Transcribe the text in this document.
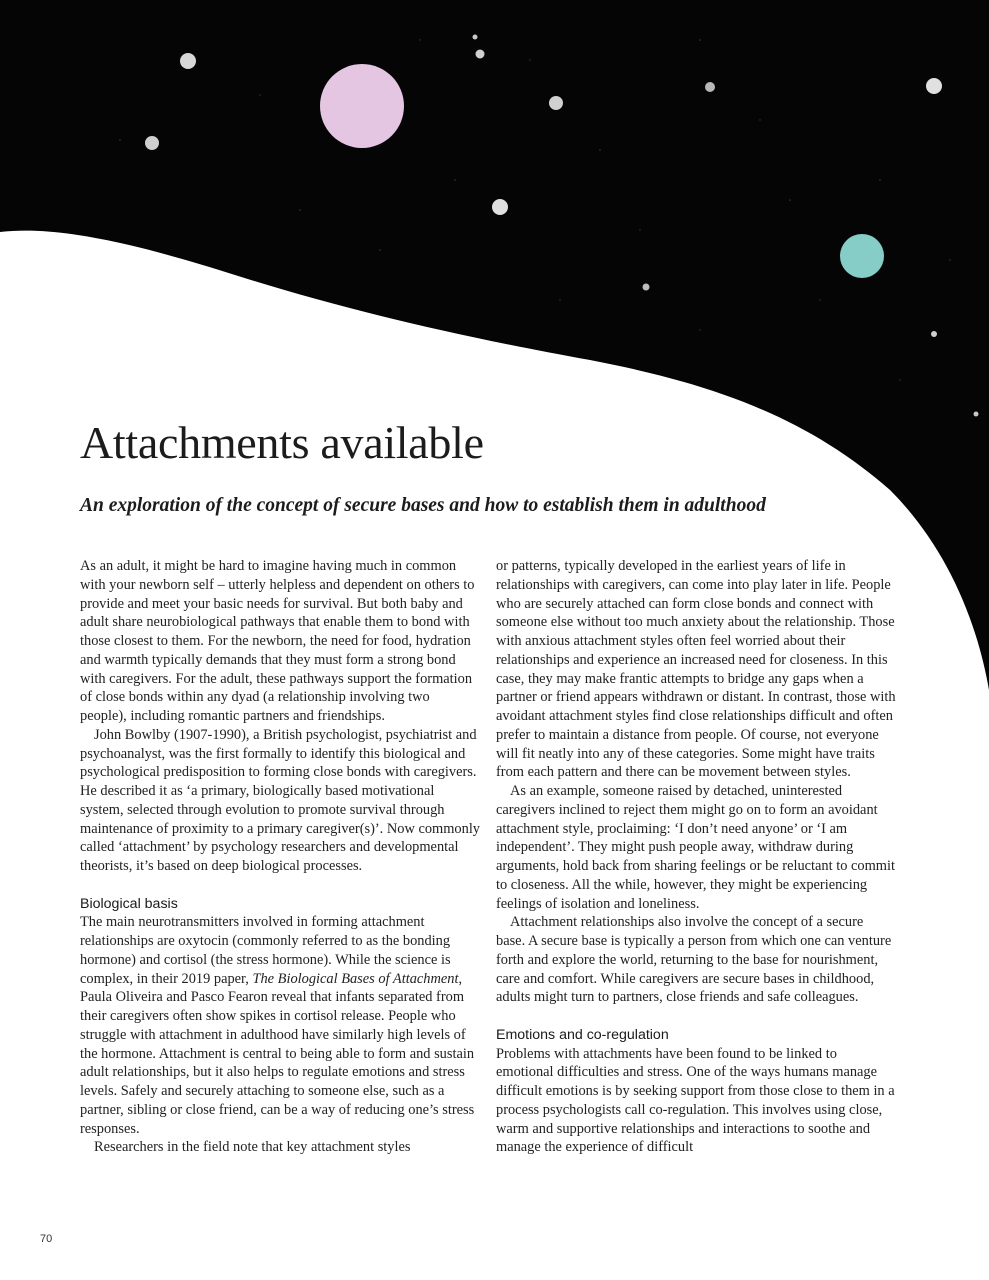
Attachments available
An exploration of the concept of secure bases and how to establish them in adulthood

As an adult, it might be hard to imagine having much in common with your newborn self – utterly helpless and dependent on others to provide and meet your basic needs for survival. But both baby and adult share neurobiological pathways that enable them to bond with those closest to them. For the newborn, the need for food, hydration and warmth typically demands that they must form a strong bond with caregivers. For the adult, these pathways support the formation of close bonds within any dyad (a relationship involving two people), including romantic partners and friendships.

John Bowlby (1907-1990), a British psychologist, psychiatrist and psychoanalyst, was the first formally to identify this biological and psychological predisposition to forming close bonds with caregivers. He described it as ‘a primary, biologically based motivational system, selected through evolution to promote survival through maintenance of proximity to a primary caregiver(s)’. Now commonly called ‘attachment’ by psychology researchers and developmental theorists, it’s based on deep biological processes.

Biological basis

The main neurotransmitters involved in forming attachment relationships are oxytocin (commonly referred to as the bonding hormone) and cortisol (the stress hormone). While the science is complex, in their 2019 paper, The Biological Bases of Attachment, Paula Oliveira and Pasco Fearon reveal that infants separated from their caregivers often show spikes in cortisol release. People who struggle with attachment in adulthood have similarly high levels of the hormone. Attachment is central to being able to form and sustain adult relationships, but it also helps to regulate emotions and stress levels. Safely and securely attaching to someone else, such as a partner, sibling or close friend, can be a way of reducing one’s stress responses.

Researchers in the field note that key attachment styles

or patterns, typically developed in the earliest years of life in relationships with caregivers, can come into play later in life. People who are securely attached can form close bonds and connect with someone else without too much anxiety about the relationship. Those with anxious attachment styles often feel worried about their relationships and experience an increased need for closeness. In this case, they may make frantic attempts to bridge any gaps when a partner or friend appears withdrawn or distant. In contrast, those with avoidant attachment styles find close relationships difficult and often prefer to maintain a distance from people. Of course, not everyone will fit neatly into any of these categories. Some might have traits from each pattern and there can be movement between styles.

As an example, someone raised by detached, uninterested caregivers inclined to reject them might go on to form an avoidant attachment style, proclaiming: ‘I don’t need anyone’ or ‘I am independent’. They might push people away, withdraw during arguments, hold back from sharing feelings or be reluctant to commit to closeness. All the while, however, they might be experiencing feelings of isolation and loneliness.

Attachment relationships also involve the concept of a secure base. A secure base is typically a person from which one can venture forth and explore the world, returning to the base for nourishment, care and comfort. While caregivers are secure bases in childhood, adults might turn to partners, close friends and safe colleagues.

Emotions and co-regulation

Problems with attachments have been found to be linked to emotional difficulties and stress. One of the ways humans manage difficult emotions is by seeking support from those close to them in a process psychologists call co-regulation. This involves using close, warm and supportive relationships and interactions to soothe and manage the experience of difficult

70
